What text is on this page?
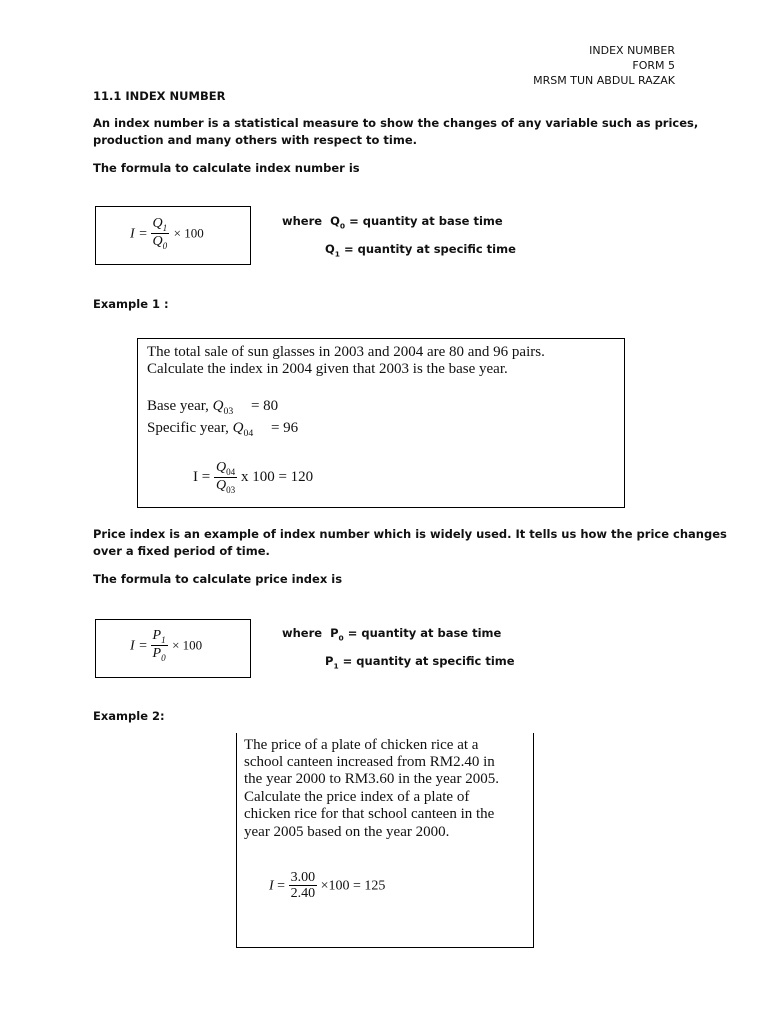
INDEX NUMBER
FORM 5
MRSM TUN ABDUL RAZAK
11.1 INDEX NUMBER
An index number is a statistical measure to show the changes of any variable such as prices,
production and many others with respect to time.
The formula to calculate index number is
$I = \frac{Q_1}{Q_0} \times 100$
where $Q_0$ = quantity at base time
$Q_1$ = quantity at specific time
Example 1 :
The total sale of sun glasses in 2003 and 2004 are 80 and 96 pairs.
Calculate the index in 2004 given that 2003 is the base year.
Base year, $Q_{03} = 80$
Specific year, $Q_{04} = 96$
$I = \frac{Q_{04}}{Q_{03}}$ x 100 = 120
Price index is an example of index number which is widely used. It tells us how the price changes
over a fixed period of time.
The formula to calculate price index is
$I = \frac{P_1}{P_0} \times 100$
where $P_0$ = quantity at base time
$P_1$ = quantity at specific time
Example 2:
The price of a plate of chicken rice at a
school canteen increased from RM2.40 in
the year 2000 to RM3.60 in the year 2005.
Calculate the price index of a plate of
chicken rice for that school canteen in the
year 2005 based on the year 2000.
$I = \frac{3.00}{2.40} \times 100 = 125$
